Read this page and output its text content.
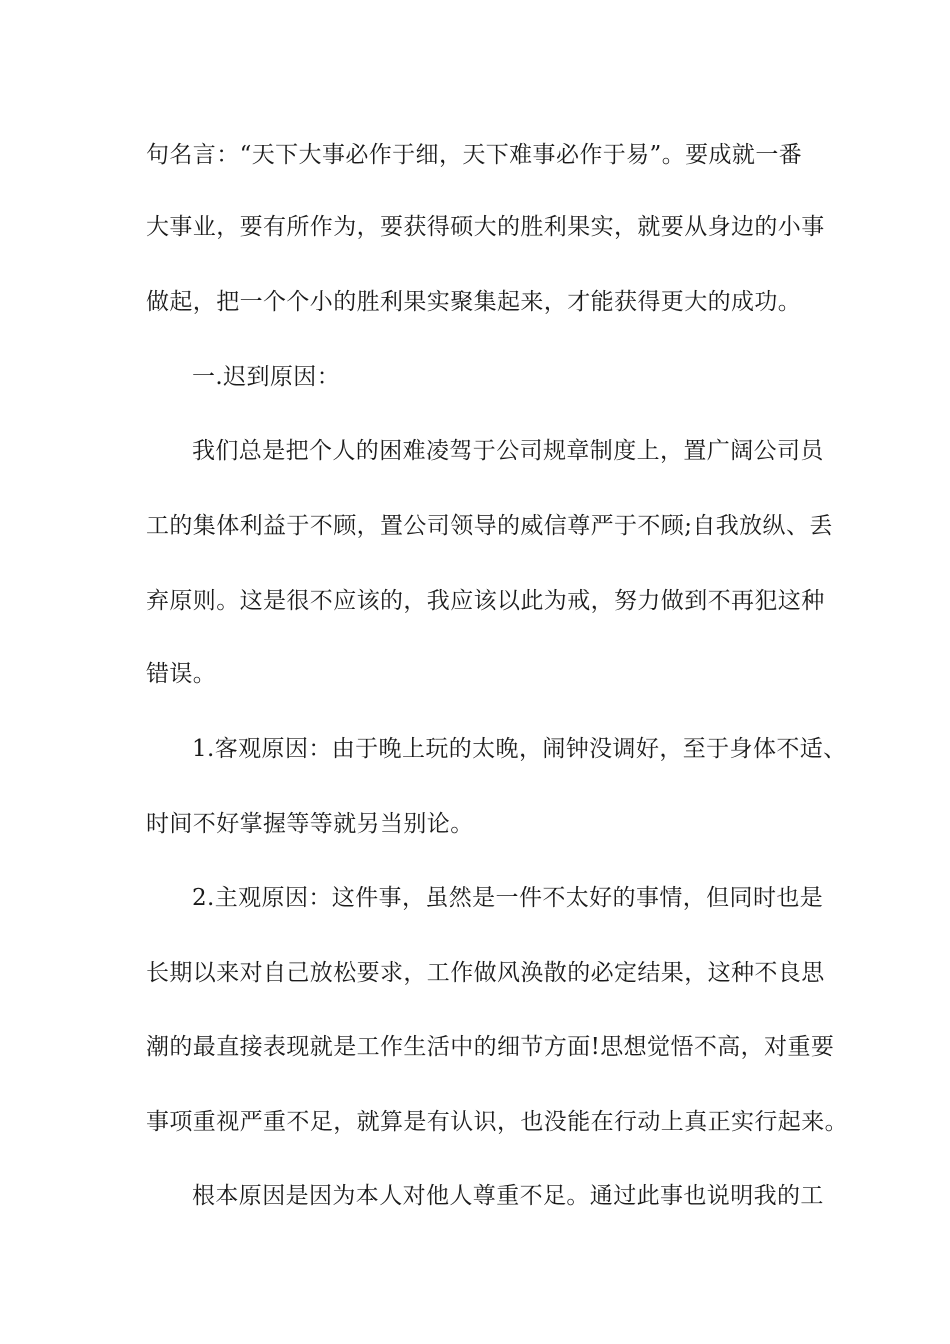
句名言：“天下大事必作于细，天下难事必作于易”。要成就一番

大事业，要有所作为，要获得硕大的胜利果实，就要从身边的小事

做起，把一个个小的胜利果实聚集起来，才能获得更大的成功。

一.迟到原因：

我们总是把个人的困难凌驾于公司规章制度上，置广阔公司员

工的集体利益于不顾，置公司领导的威信尊严于不顾;自我放纵、丢

弃原则。这是很不应该的，我应该以此为戒，努力做到不再犯这种

错误。

1.客观原因：由于晚上玩的太晚，闹钟没调好，至于身体不适、

时间不好掌握等等就另当别论。

2.主观原因：这件事，虽然是一件不太好的事情，但同时也是

长期以来对自己放松要求，工作做风涣散的必定结果，这种不良思

潮的最直接表现就是工作生活中的细节方面!思想觉悟不高，对重要

事项重视严重不足，就算是有认识，也没能在行动上真正实行起来。

根本原因是因为本人对他人尊重不足。通过此事也说明我的工
